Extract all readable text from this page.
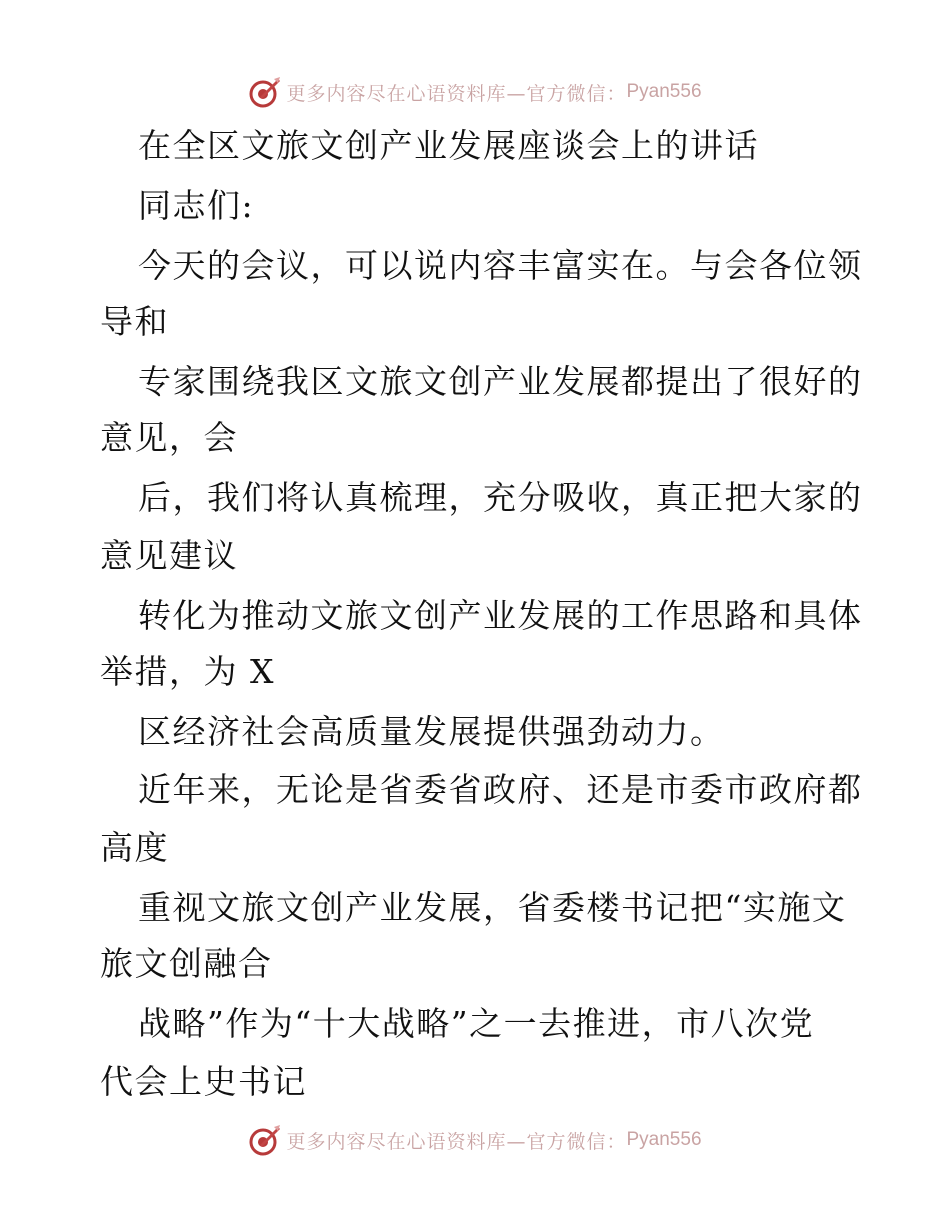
更多内容尽在心语资料库—官方微信： Pyan556
在全区文旅文创产业发展座谈会上的讲话
同志们:
今天的会议，可以说内容丰富实在。与会各位领
导和
专家围绕我区文旅文创产业发展都提出了很好的
意见，会
后，我们将认真梳理，充分吸收，真正把大家的
意见建议
转化为推动文旅文创产业发展的工作思路和具体
举措，为 X
区经济社会高质量发展提供强劲动力。
近年来，无论是省委省政府、还是市委市政府都
高度
重视文旅文创产业发展，省委楼书记把“实施文
旅文创融合
战略”作为“十大战略”之一去推进，市八次党
代会上史书记
更多内容尽在心语资料库—官方微信： Pyan556
